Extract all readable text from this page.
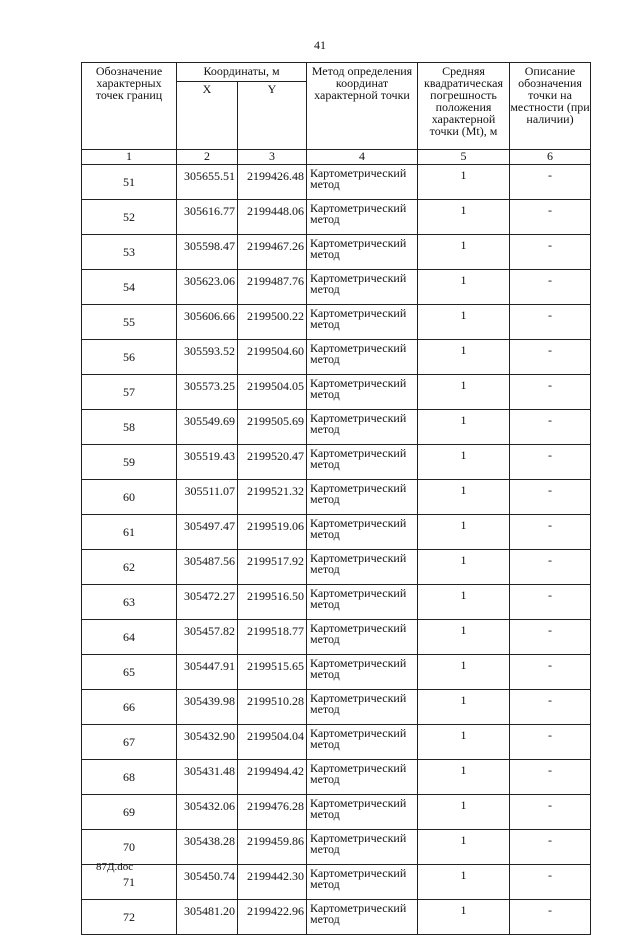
41
Обозначение характерных точек границ	Координаты, м		Метод определения координат характерной точки	Средняя квадратическая погрешность положения характерной точки (Mt), м	Описание обозначения точки на местности (при наличии)
	X	Y			
1	2	3	4	5	6
51	305655.51	2199426.48	Картометрический метод	1	-
52	305616.77	2199448.06	Картометрический метод	1	-
53	305598.47	2199467.26	Картометрический метод	1	-
54	305623.06	2199487.76	Картометрический метод	1	-
55	305606.66	2199500.22	Картометрический метод	1	-
56	305593.52	2199504.60	Картометрический метод	1	-
57	305573.25	2199504.05	Картометрический метод	1	-
58	305549.69	2199505.69	Картометрический метод	1	-
59	305519.43	2199520.47	Картометрический метод	1	-
60	305511.07	2199521.32	Картометрический метод	1	-
61	305497.47	2199519.06	Картометрический метод	1	-
62	305487.56	2199517.92	Картометрический метод	1	-
63	305472.27	2199516.50	Картометрический метод	1	-
64	305457.82	2199518.77	Картометрический метод	1	-
65	305447.91	2199515.65	Картометрический метод	1	-
66	305439.98	2199510.28	Картометрический метод	1	-
67	305432.90	2199504.04	Картометрический метод	1	-
68	305431.48	2199494.42	Картометрический метод	1	-
69	305432.06	2199476.28	Картометрический метод	1	-
70	305438.28	2199459.86	Картометрический метод	1	-
71	305450.74	2199442.30	Картометрический метод	1	-
72	305481.20	2199422.96	Картометрический метод	1	-
87Д.doc
